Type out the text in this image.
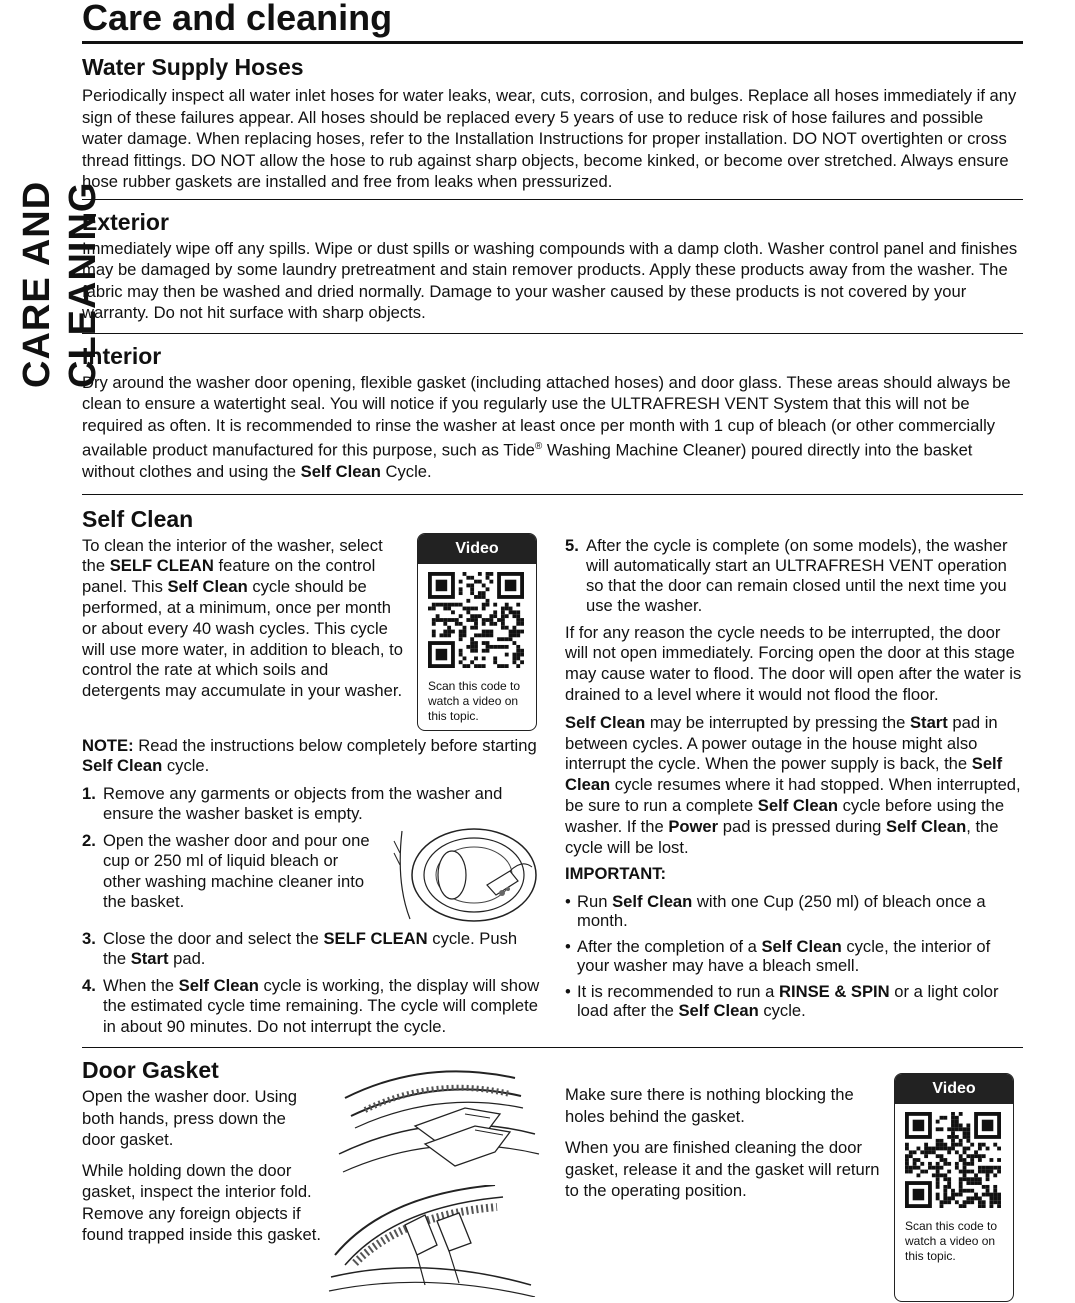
CARE AND CLEANING
Care and cleaning
Water Supply Hoses

Periodically inspect all water inlet hoses for water leaks, wear, cuts, corrosion, and bulges. Replace all hoses immediately if any sign of these failures appear. All hoses should be replaced every 5 years of use to reduce risk of hose failures and possible water damage. When replacing hoses, refer to the Installation Instructions for proper installation. DO NOT overtighten or cross thread fittings. DO NOT allow the hose to rub against sharp objects, become kinked, or become over stretched. Always ensure hose rubber gaskets are installed and free from leaks when pressurized.

Exterior

Immediately wipe off any spills. Wipe or dust spills or washing compounds with a damp cloth. Washer control panel and finishes may be damaged by some laundry pretreatment and stain remover products. Apply these products away from the washer. The fabric may then be washed and dried normally. Damage to your washer caused by these products is not covered by your warranty. Do not hit surface with sharp objects.

Interior

Dry around the washer door opening, flexible gasket (including attached hoses) and door glass. These areas should always be clean to ensure a watertight seal. You will notice if you regularly use the ULTRAFRESH VENT System that this will not be required as often. It is recommended to rinse the washer at least once per month with 1 cup of bleach (or other commercially available product manufactured for this purpose, such as Tide® Washing Machine Cleaner) poured directly into the basket without clothes and using the Self Clean Cycle.

Self Clean

To clean the interior of the washer, select the SELF CLEAN feature on the control panel. This Self Clean cycle should be performed, at a minimum, once per month or about every 40 wash cycles. This cycle will use more water, in addition to bleach, to control the rate at which soils and detergents may accumulate in your washer.

Video
Scan this code to watch a video on this topic.

NOTE: Read the instructions below completely before starting Self Clean cycle.

1. Remove any garments or objects from the washer and ensure the washer basket is empty.
2. Open the washer door and pour one cup or 250 ml of liquid bleach or other washing machine cleaner into the basket.
3. Close the door and select the SELF CLEAN cycle. Push the Start pad.
4. When the Self Clean cycle is working, the display will show the estimated cycle time remaining. The cycle will complete in about 90 minutes. Do not interrupt the cycle.
5. After the cycle is complete (on some models), the washer will automatically start an ULTRAFRESH VENT operation so that the door can remain closed until the next time you use the washer.

If for any reason the cycle needs to be interrupted, the door will not open immediately. Forcing open the door at this stage may cause water to flood. The door will open after the water is drained to a level where it would not flood the floor.

Self Clean may be interrupted by pressing the Start pad in between cycles. A power outage in the house might also interrupt the cycle. When the power supply is back, the Self Clean cycle resumes where it had stopped. When interrupted, be sure to run a complete Self Clean cycle before using the washer. If the Power pad is pressed during Self Clean, the cycle will be lost.

IMPORTANT:

• Run Self Clean with one Cup (250 ml) of bleach once a month.
• After the completion of a Self Clean cycle, the interior of your washer may have a bleach smell.
• It is recommended to run a RINSE & SPIN or a light color load after the Self Clean cycle.
Door Gasket

Open the washer door. Using both hands, press down the door gasket.

While holding down the door gasket, inspect the interior fold. Remove any foreign objects if found trapped inside this gasket.

Make sure there is nothing blocking the holes behind the gasket.

When you are finished cleaning the door gasket, release it and the gasket will return to the operating position.

Video
Scan this code to watch a video on this topic.
